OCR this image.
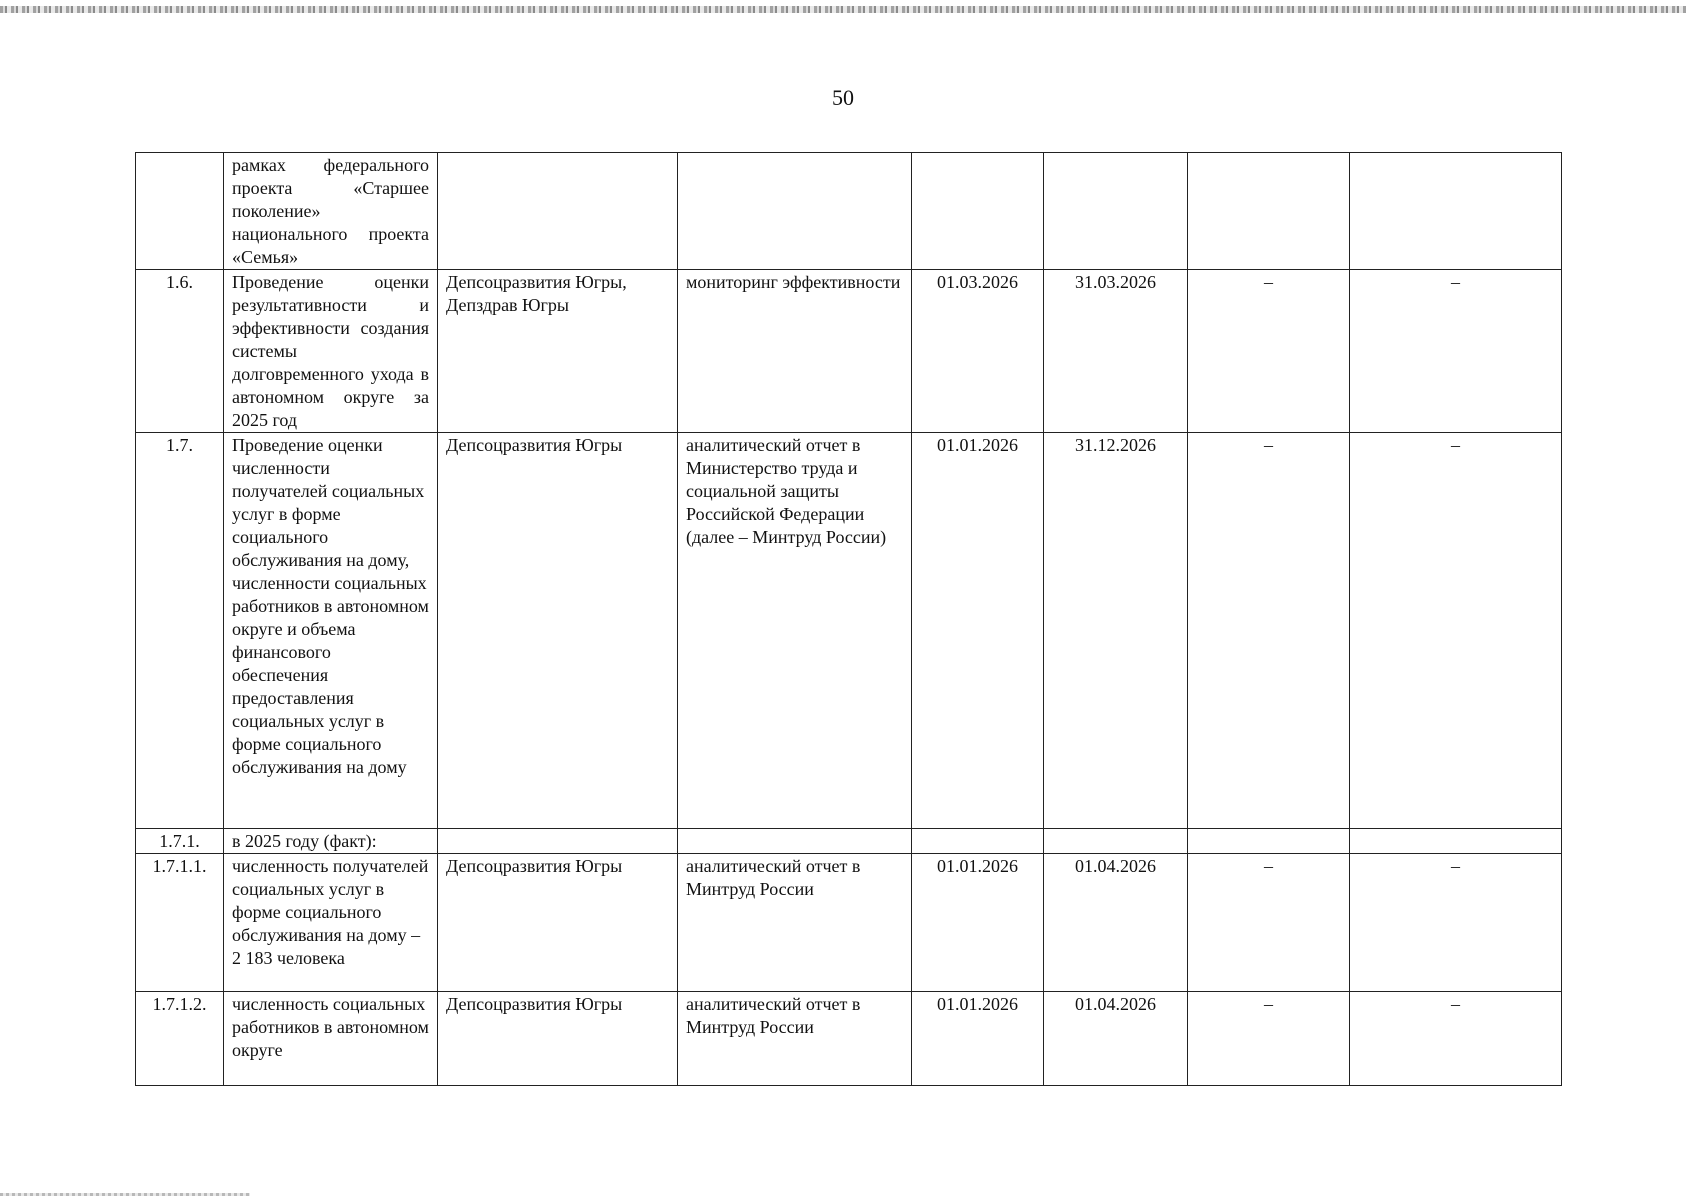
50
	рамках федерального проекта «Старшее поколение» национального проекта «Семья»						
1.6.	Проведение оценки результативности и эффективности создания системы долговременного ухода в автономном округе за 2025 год	Депсоцразвития Югры, Депздрав Югры	мониторинг эффективности	01.03.2026	31.03.2026	–	–
1.7.	Проведение оценки численности получателей социальных услуг в форме социального обслуживания на дому, численности социальных работников в автономном округе и объема финансового обеспечения предоставления социальных услуг в форме социального обслуживания на дому	Депсоцразвития Югры	аналитический отчет в Министерство труда и социальной защиты Российской Федерации (далее – Минтруд России)	01.01.2026	31.12.2026	–	–
1.7.1.	в 2025 году (факт):						
1.7.1.1.	численность получателей социальных услуг в форме социального обслуживания на дому – 2 183 человека	Депсоцразвития Югры	аналитический отчет в Минтруд России	01.01.2026	01.04.2026	–	–
1.7.1.2.	численность социальных работников в автономном округе	Депсоцразвития Югры	аналитический отчет в Минтруд России	01.01.2026	01.04.2026	–	–
